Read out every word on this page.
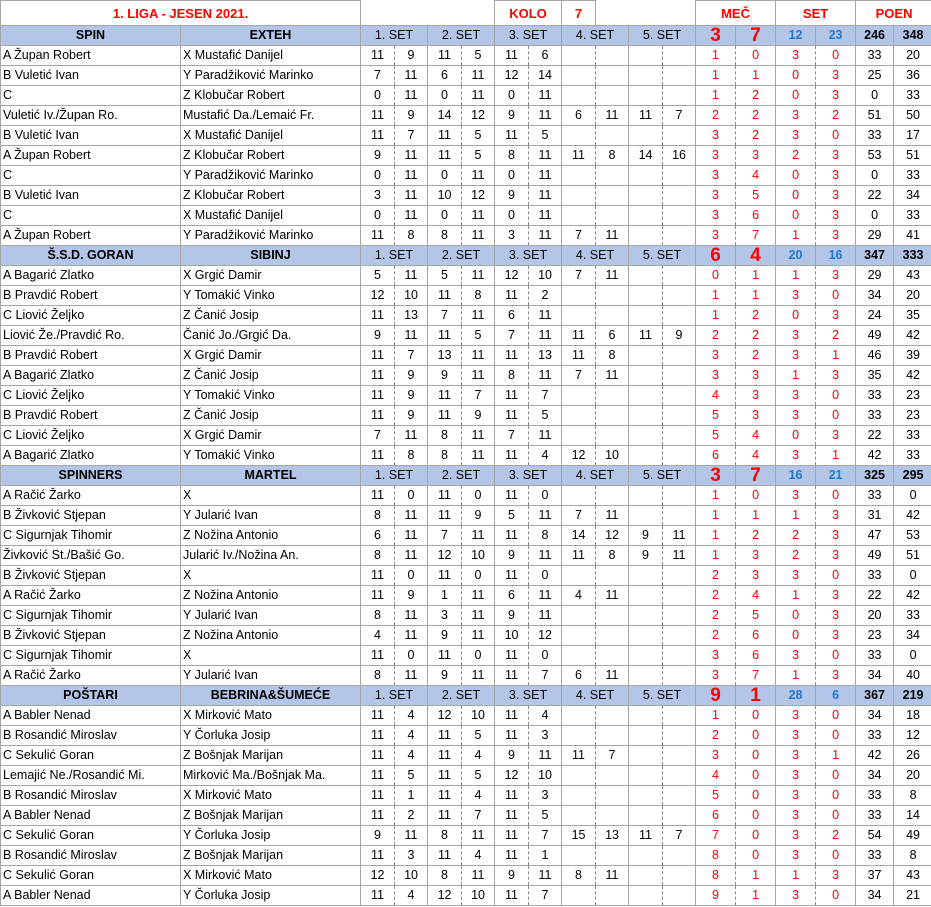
1. LIGA - JESEN 2021.						KOLO		7				MEČ		SET		POEN	
SPIN	EXTEH	1. SET		2. SET		3. SET		4. SET		5. SET		3	7	12	23	246	348
A Župan Robert	X Mustafić Danijel	11	9	11	5	11	6					1	0	3	0	33	20
B Vuletić Ivan	Y Paradžiković Marinko	7	11	6	11	12	14					1	1	0	3	25	36
C	Z Klobučar Robert	0	11	0	11	0	11					1	2	0	3	0	33
Vuletić Iv./Župan Ro.	Mustafić Da./Lemaić Fr.	11	9	14	12	9	11	6	11	11	7	2	2	3	2	51	50
B Vuletić Ivan	X Mustafić Danijel	11	7	11	5	11	5					3	2	3	0	33	17
A Župan Robert	Z Klobučar Robert	9	11	11	5	8	11	11	8	14	16	3	3	2	3	53	51
C	Y Paradžiković Marinko	0	11	0	11	0	11					3	4	0	3	0	33
B Vuletić Ivan	Z Klobučar Robert	3	11	10	12	9	11					3	5	0	3	22	34
C	X Mustafić Danijel	0	11	0	11	0	11					3	6	0	3	0	33
A Župan Robert	Y Paradžiković Marinko	11	8	8	11	3	11	7	11			3	7	1	3	29	41
Š.S.D. GORAN	SIBINJ	1. SET		2. SET		3. SET		4. SET		5. SET		6	4	20	16	347	333
A Bagarić Zlatko	X Grgić Damir	5	11	5	11	12	10	7	11			0	1	1	3	29	43
B Pravdić Robert	Y Tomakić Vinko	12	10	11	8	11	2					1	1	3	0	34	20
C Liović Željko	Z Čanić Josip	11	13	7	11	6	11					1	2	0	3	24	35
Liović Že./Pravdić Ro.	Čanić Jo./Grgić Da.	9	11	11	5	7	11	11	6	11	9	2	2	3	2	49	42
B Pravdić Robert	X Grgić Damir	11	7	13	11	11	13	11	8			3	2	3	1	46	39
A Bagarić Zlatko	Z Čanić Josip	11	9	9	11	8	11	7	11			3	3	1	3	35	42
C Liović Željko	Y Tomakić Vinko	11	9	11	7	11	7					4	3	3	0	33	23
B Pravdić Robert	Z Čanić Josip	11	9	11	9	11	5					5	3	3	0	33	23
C Liović Željko	X Grgić Damir	7	11	8	11	7	11					5	4	0	3	22	33
A Bagarić Zlatko	Y Tomakić Vinko	11	8	8	11	11	4	12	10			6	4	3	1	42	33
SPINNERS	MARTEL	1. SET		2. SET		3. SET		4. SET		5. SET		3	7	16	21	325	295
A Račić Žarko	X	11	0	11	0	11	0					1	0	3	0	33	0
B Živković Stjepan	Y Jularić Ivan	8	11	11	9	5	11	7	11			1	1	1	3	31	42
C Sigurnjak Tihomir	Z Nožina Antonio	6	11	7	11	11	8	14	12	9	11	1	2	2	3	47	53
Živković St./Bašić Go.	Jularić Iv./Nožina An.	8	11	12	10	9	11	11	8	9	11	1	3	2	3	49	51
B Živković Stjepan	X	11	0	11	0	11	0					2	3	3	0	33	0
A Račić Žarko	Z Nožina Antonio	11	9	1	11	6	11	4	11			2	4	1	3	22	42
C Sigurnjak Tihomir	Y Jularić Ivan	8	11	3	11	9	11					2	5	0	3	20	33
B Živković Stjepan	Z Nožina Antonio	4	11	9	11	10	12					2	6	0	3	23	34
C Sigurnjak Tihomir	X	11	0	11	0	11	0					3	6	3	0	33	0
A Račić Žarko	Y Jularić Ivan	8	11	9	11	11	7	6	11			3	7	1	3	34	40
POŠTARI	BEBRINA&ŠUMEĆE	1. SET		2. SET		3. SET		4. SET		5. SET		9	1	28	6	367	219
A Babler Nenad	X Mirković Mato	11	4	12	10	11	4					1	0	3	0	34	18
B Rosandić Miroslav	Y Čorluka Josip	11	4	11	5	11	3					2	0	3	0	33	12
C Sekulić Goran	Z Bošnjak Marijan	11	4	11	4	9	11	11	7			3	0	3	1	42	26
Lemajić Ne./Rosandić Mi.	Mirković Ma./Bošnjak Ma.	11	5	11	5	12	10					4	0	3	0	34	20
B Rosandić Miroslav	X Mirković Mato	11	1	11	4	11	3					5	0	3	0	33	8
A Babler Nenad	Z Bošnjak Marijan	11	2	11	7	11	5					6	0	3	0	33	14
C Sekulić Goran	Y Čorluka Josip	9	11	8	11	11	7	15	13	11	7	7	0	3	2	54	49
B Rosandić Miroslav	Z Bošnjak Marijan	11	3	11	4	11	1					8	0	3	0	33	8
C Sekulić Goran	X Mirković Mato	12	10	8	11	9	11	8	11			8	1	1	3	37	43
A Babler Nenad	Y Čorluka Josip	11	4	12	10	11	7					9	1	3	0	34	21
